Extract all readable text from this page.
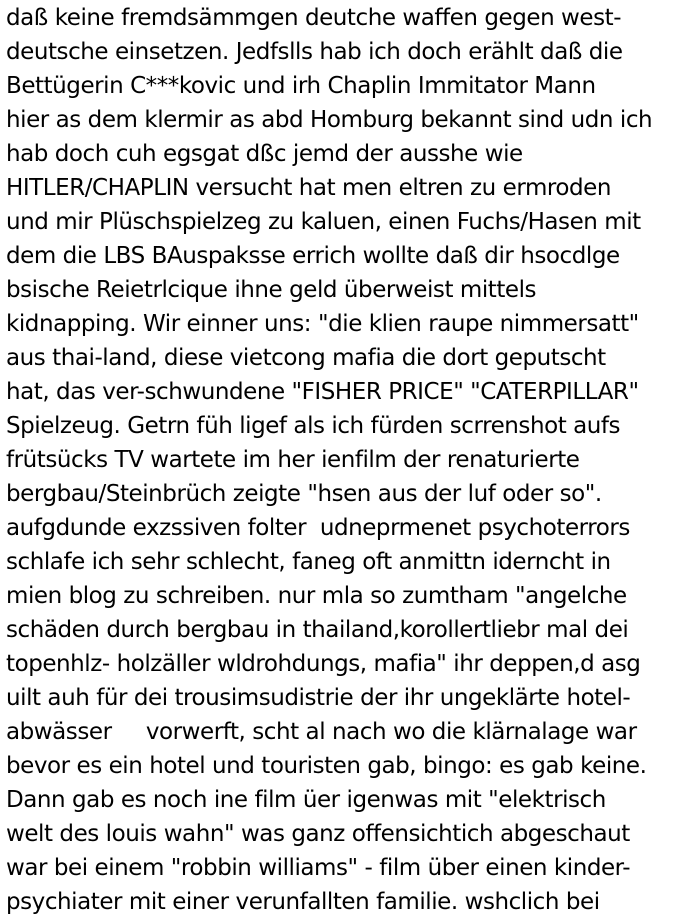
daß keine fremdsämmgen deutche waffen gegen west-
deutsche einsetzen. Jedfslls hab ich doch erählt daß die
Bettügerin C***kovic und irh Chaplin Immitator Mann
hier as dem klermir as abd Homburg bekannt sind udn ich
hab doch cuh egsgat dßc jemd der ausshe wie
HITLER/CHAPLIN versucht hat men eltren zu ermroden
und mir Plüschspielzeg zu kaluen, einen Fuchs/Hasen mit
dem die LBS BAuspaksse errich wollte daß dir hsocdlge
bsische Reietrlcique ihne geld überweist mittels
kidnapping. Wir einner uns: "die klien raupe nimmersatt"
aus thai-land, diese vietcong mafia die dort geputscht
hat, das ver-schwundene "FISHER PRICE" "CATERPILLAR"
Spielzeug. Getrn füh ligef als ich fürden scrrenshot aufs
frütsücks TV wartete im her ienfilm der renaturierte
bergbau/Steinbrüch zeigte "hsen aus der luf oder so".
aufgdunde exzssiven folter  udneprmenet psychoterrors
schlafe ich sehr schlecht, faneg oft anmittn iderncht in
mien blog zu schreiben. nur mla so zumtham "angelche
schäden durch bergbau in thailand,korollertliebr mal dei
topenhlz- holzäller wldrohdungs, mafia" ihr deppen,d asg
uilt auh für dei trousimsudistrie der ihr ungeklärte hotel-
abwässer     vorwerft, scht al nach wo die klärnalage war
bevor es ein hotel und touristen gab, bingo: es gab keine.
Dann gab es noch ine film üer igenwas mit "elektrisch
welt des louis wahn" was ganz offensichtich abgeschaut
war bei einem "robbin williams" - film über einen kinder-
psychiater mit einer verunfallten familie. wshclich bei
